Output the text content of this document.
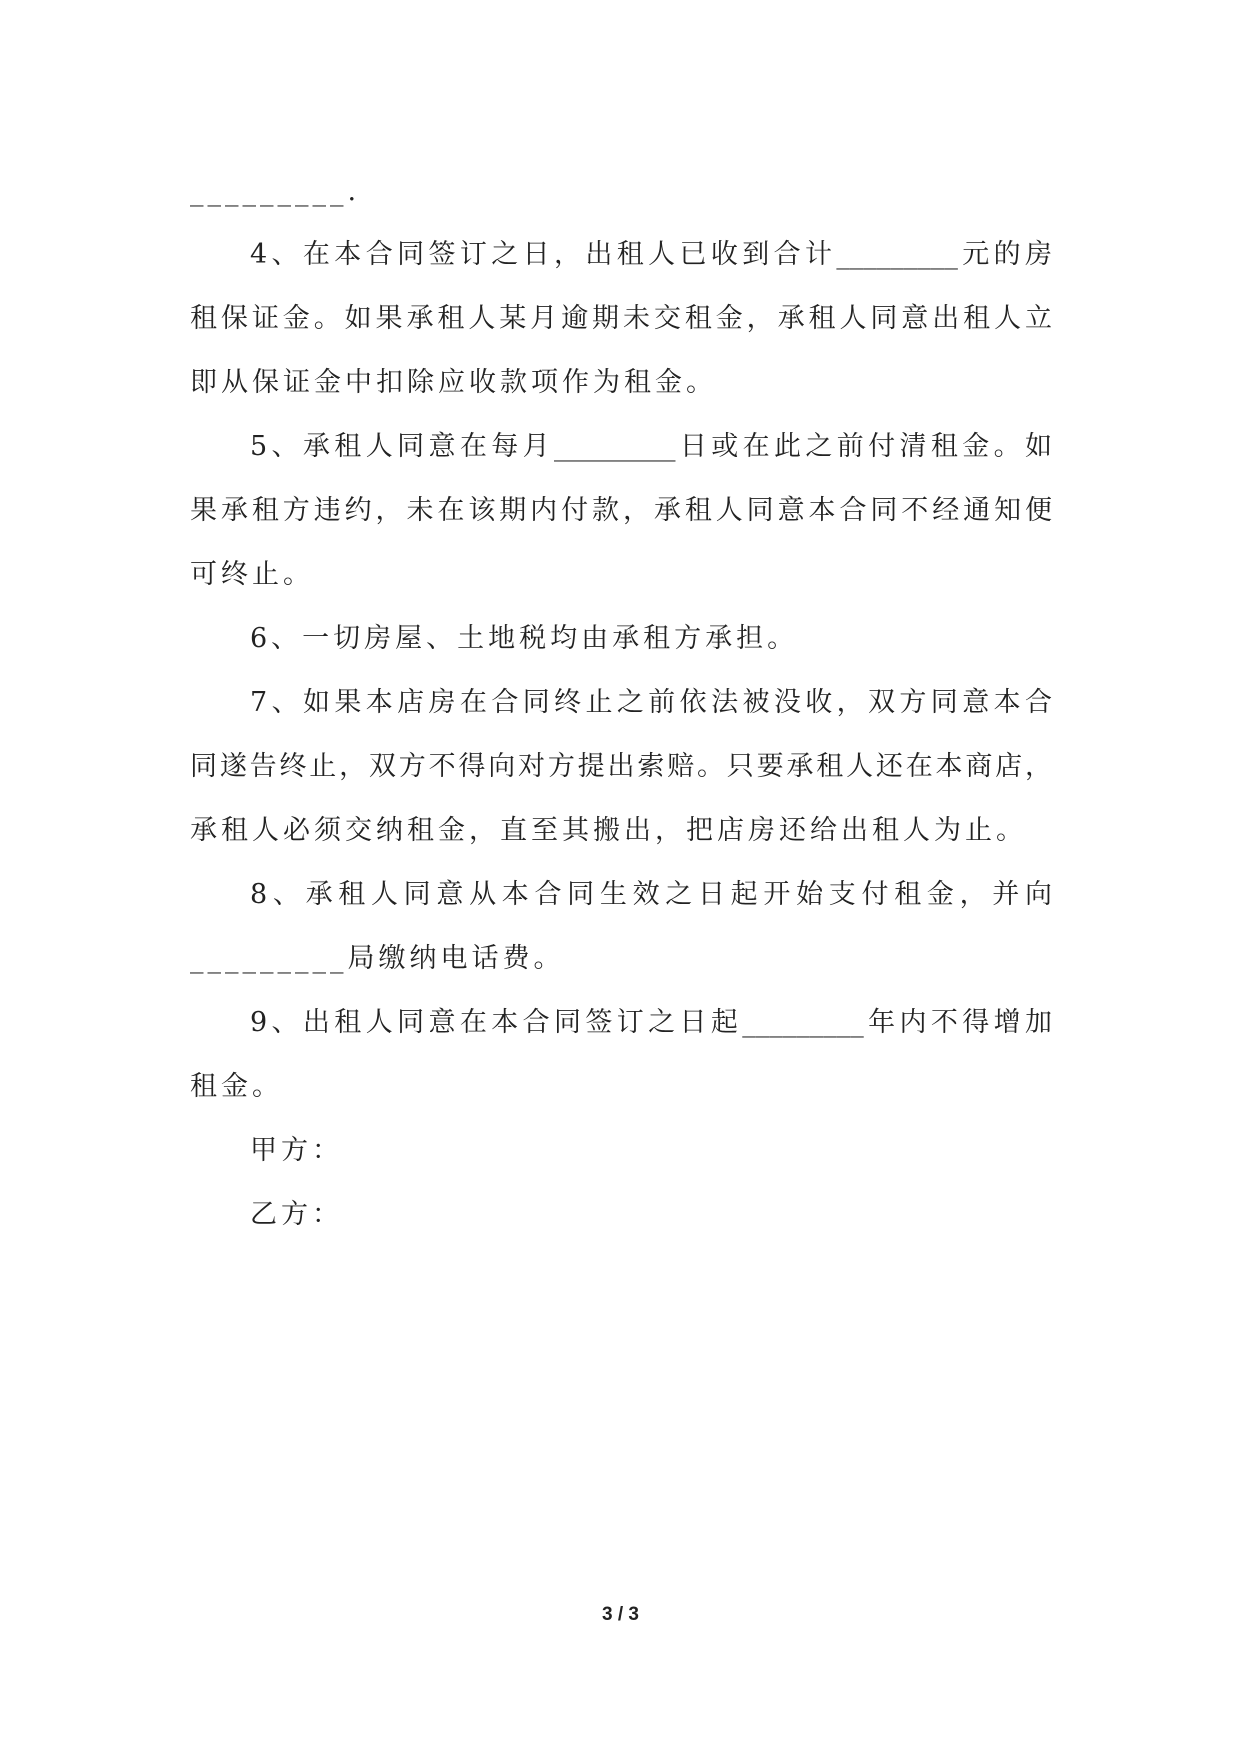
_________.
4、在本合同签订之日，出租人已收到合计_________元的房
租保证金。如果承租人某月逾期未交租金，承租人同意出租人立
即从保证金中扣除应收款项作为租金。
5、承租人同意在每月_________日或在此之前付清租金。如
果承租方违约，未在该期内付款，承租人同意本合同不经通知便
可终止。
6、一切房屋、土地税均由承租方承担。
7、如果本店房在合同终止之前依法被没收，双方同意本合
同遂告终止，双方不得向对方提出索赔。只要承租人还在本商店，
承租人必须交纳租金，直至其搬出，把店房还给出租人为止。
8、承租人同意从本合同生效之日起开始支付租金，并向
_________局缴纳电话费。
9、出租人同意在本合同签订之日起_________年内不得增加
租金。
甲方：
乙方：
3 / 3
